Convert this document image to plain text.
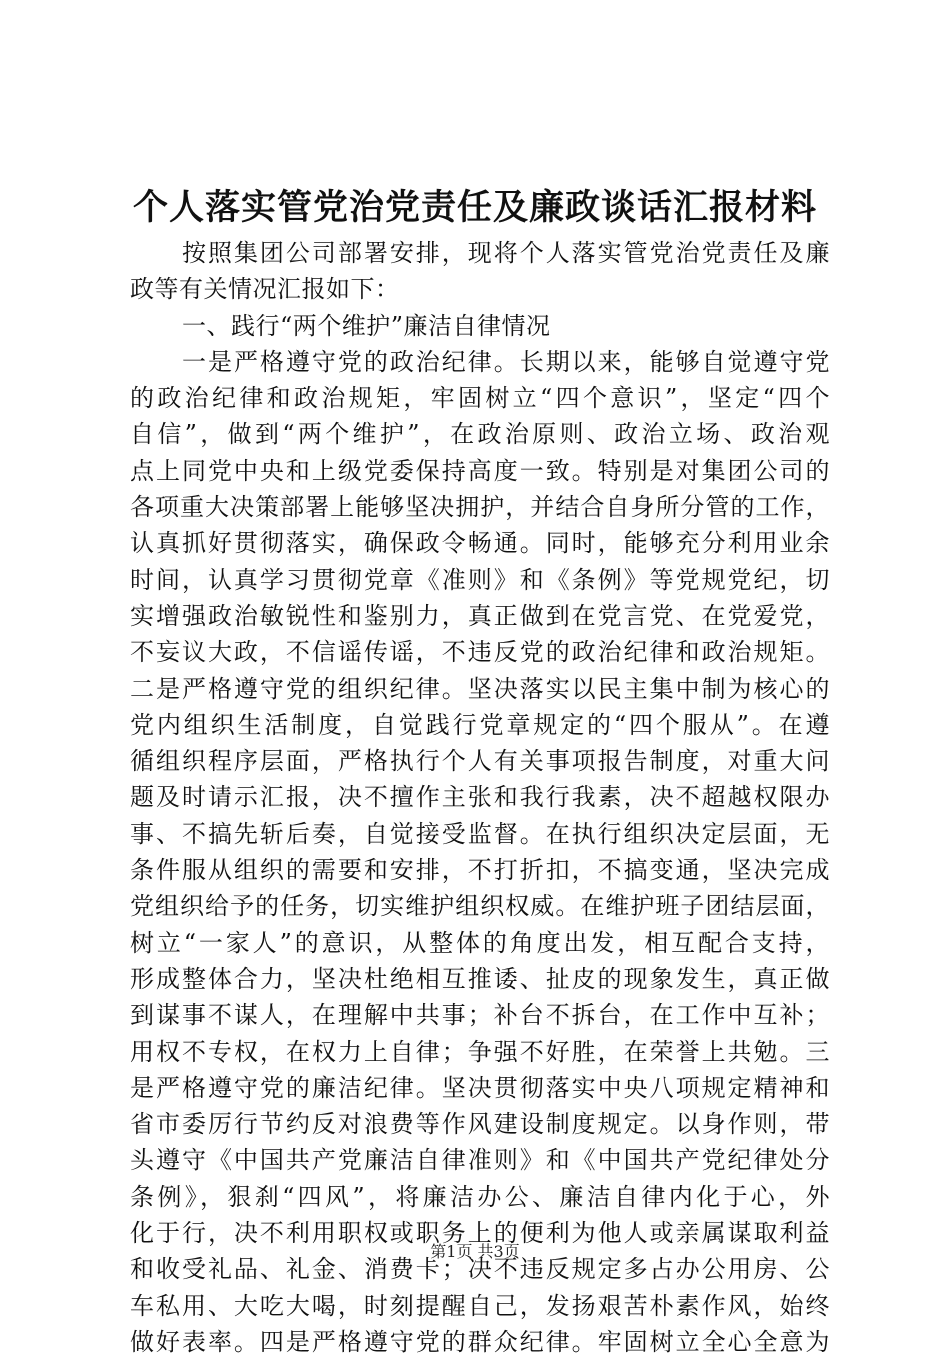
个人落实管党治党责任及廉政谈话汇报材料
按照集团公司部署安排，现将个人落实管党治党责任及廉
政等有关情况汇报如下：
一、践行“两个维护”廉洁自律情况
一是严格遵守党的政治纪律。长期以来，能够自觉遵守党
的政治纪律和政治规矩，牢固树立“四个意识”，坚定“四个
自信”，做到“两个维护”，在政治原则、政治立场、政治观
点上同党中央和上级党委保持高度一致。特别是对集团公司的
各项重大决策部署上能够坚决拥护，并结合自身所分管的工作，
认真抓好贯彻落实，确保政令畅通。同时，能够充分利用业余
时间，认真学习贯彻党章《准则》和《条例》等党规党纪，切
实增强政治敏锐性和鉴别力，真正做到在党言党、在党爱党，
不妄议大政，不信谣传谣，不违反党的政治纪律和政治规矩。
二是严格遵守党的组织纪律。坚决落实以民主集中制为核心的
党内组织生活制度，自觉践行党章规定的“四个服从”。在遵
循组织程序层面，严格执行个人有关事项报告制度，对重大问
题及时请示汇报，决不擅作主张和我行我素，决不超越权限办
事、不搞先斩后奏，自觉接受监督。在执行组织决定层面，无
条件服从组织的需要和安排，不打折扣，不搞变通，坚决完成
党组织给予的任务，切实维护组织权威。在维护班子团结层面，
树立“一家人”的意识，从整体的角度出发，相互配合支持，
形成整体合力，坚决杜绝相互推诿、扯皮的现象发生，真正做
到谋事不谋人，在理解中共事；补台不拆台，在工作中互补；
用权不专权，在权力上自律；争强不好胜，在荣誉上共勉。三
是严格遵守党的廉洁纪律。坚决贯彻落实中央八项规定精神和
省市委厉行节约反对浪费等作风建设制度规定。以身作则，带
头遵守《中国共产党廉洁自律准则》和《中国共产党纪律处分
条例》，狠刹“四风”，将廉洁办公、廉洁自律内化于心，外
化于行，决不利用职权或职务上的便利为他人或亲属谋取利益
和收受礼品、礼金、消费卡；决不违反规定多占办公用房、公
车私用、大吃大喝，时刻提醒自己，发扬艰苦朴素作风，始终
做好表率。四是严格遵守党的群众纪律。牢固树立全心全意为
第1页 共3页
